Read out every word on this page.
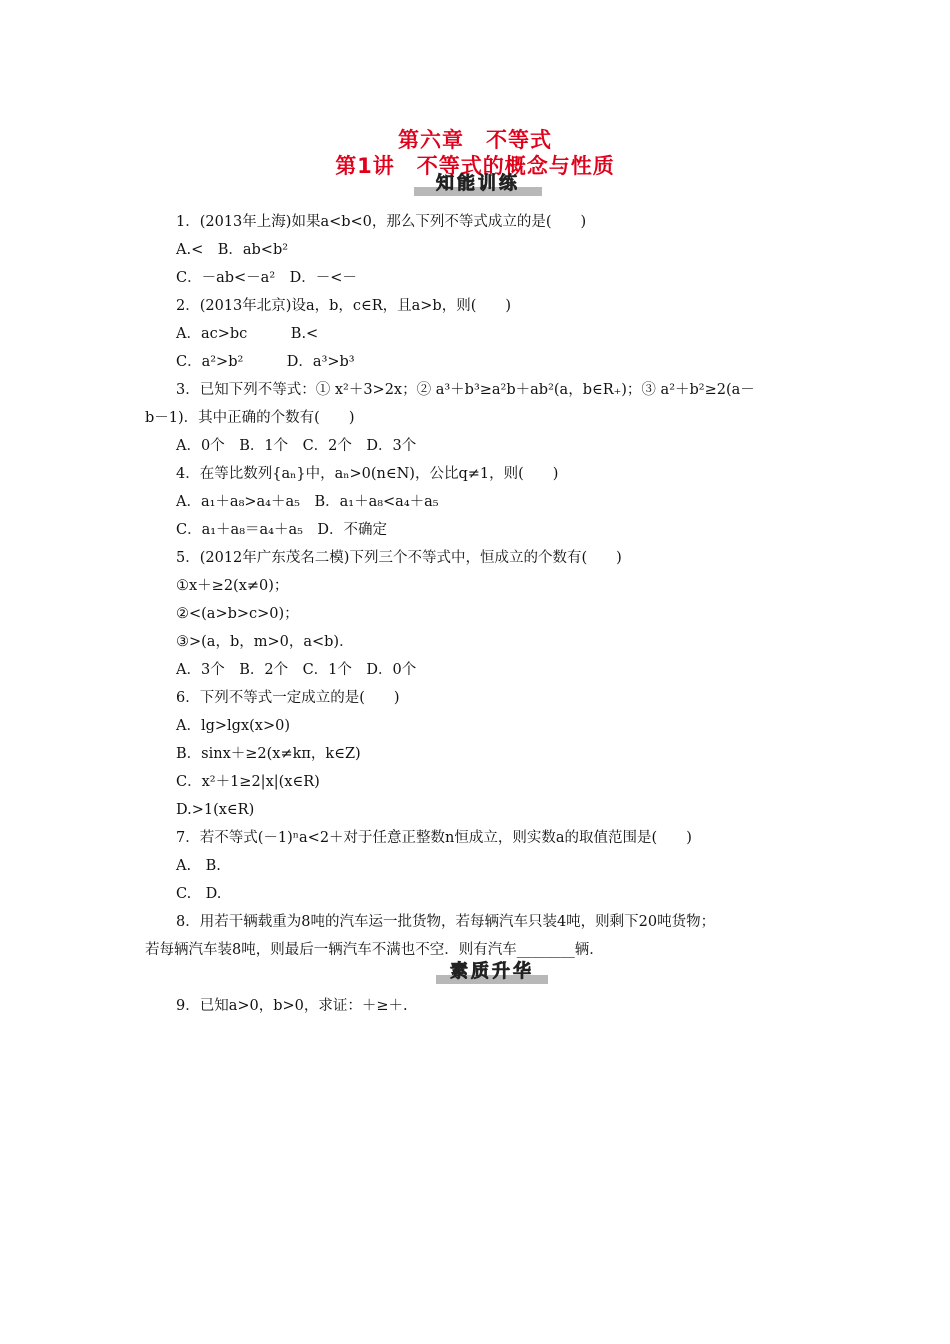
第六章　不等式
第1讲　不等式的概念与性质
知能训练
1．(2013年上海)如果a<b<0，那么下列不等式成立的是(　　)
A.<　B．ab<b²
C．－ab<－a²　D．－<－
2．(2013年北京)设a，b，c∈R，且a>b，则(　　)
A．ac>bc　　　B.<
C．a²>b²　　　D．a³>b³
3．已知下列不等式：① x²＋3>2x；② a³＋b³≥a²b＋ab²(a，b∈R₊)；③ a²＋b²≥2(a－
b－1)．其中正确的个数有(　　)
A．0个　B．1个　C．2个　D．3个
4．在等比数列{aₙ}中，aₙ>0(n∈N)，公比q≠1，则(　　)
A．a₁＋a₈>a₄＋a₅　B．a₁＋a₈<a₄＋a₅
C．a₁＋a₈＝a₄＋a₅　D．不确定
5．(2012年广东茂名二模)下列三个不等式中，恒成立的个数有(　　)
①x＋≥2(x≠0)；
②<(a>b>c>0)；
③>(a，b，m>0，a<b)．
A．3个　B．2个　C．1个　D．0个
6．下列不等式一定成立的是(　　)
A．lg>lgx(x>0)
B．sinx＋≥2(x≠kπ，k∈Z)
C．x²＋1≥2|x|(x∈R)
D.>1(x∈R)
7．若不等式(－1)ⁿa<2＋对于任意正整数n恒成立，则实数a的取值范围是(　　)
A.　B.
C.　D.
8．用若干辆载重为8吨的汽车运一批货物，若每辆汽车只装4吨，则剩下20吨货物；
若每辆汽车装8吨，则最后一辆汽车不满也不空．则有汽车________辆．
素质升华
9．已知a>0，b>0，求证：＋≥＋.
